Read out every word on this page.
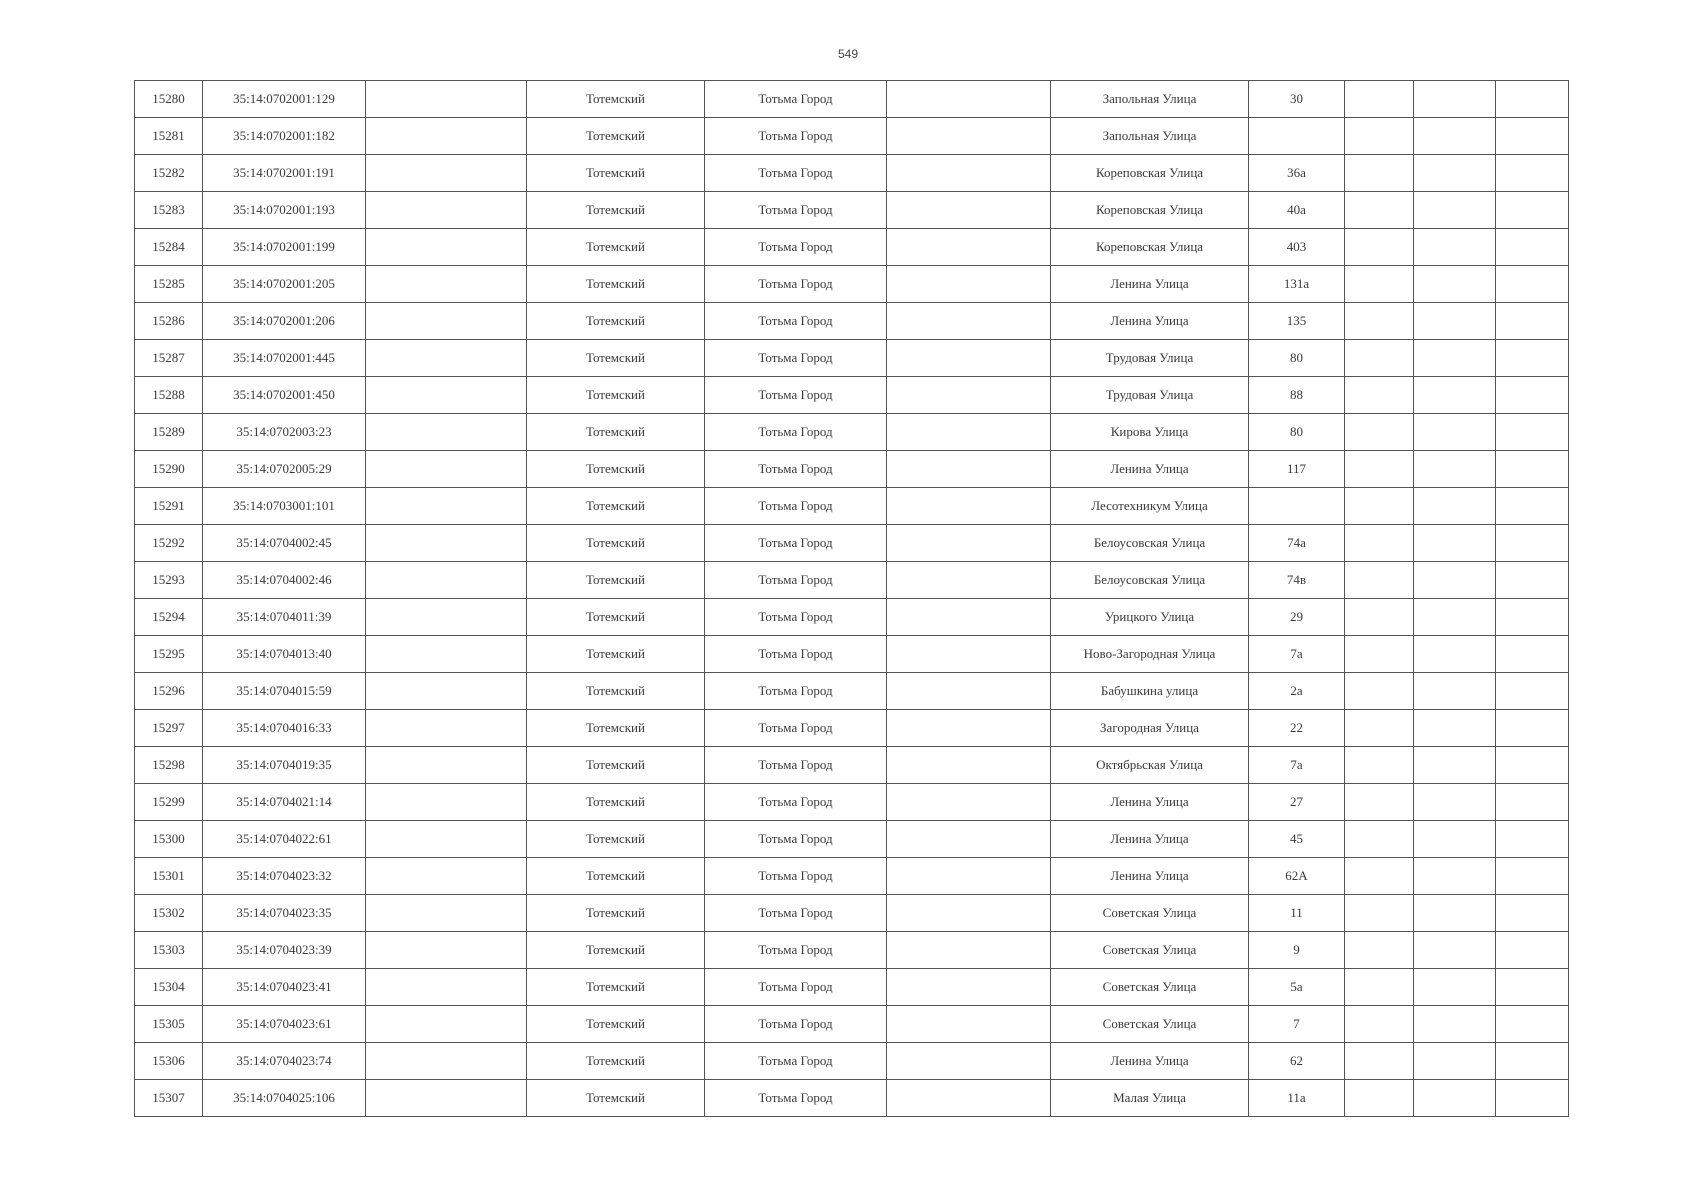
549
15280	35:14:0702001:129		Тотемский	Тотьма Город		Запольная Улица	30			
15281	35:14:0702001:182		Тотемский	Тотьма Город		Запольная Улица				
15282	35:14:0702001:191		Тотемский	Тотьма Город		Кореповская Улица	36а			
15283	35:14:0702001:193		Тотемский	Тотьма Город		Кореповская Улица	40а			
15284	35:14:0702001:199		Тотемский	Тотьма Город		Кореповская Улица	403			
15285	35:14:0702001:205		Тотемский	Тотьма Город		Ленина Улица	131а			
15286	35:14:0702001:206		Тотемский	Тотьма Город		Ленина Улица	135			
15287	35:14:0702001:445		Тотемский	Тотьма Город		Трудовая Улица	80			
15288	35:14:0702001:450		Тотемский	Тотьма Город		Трудовая Улица	88			
15289	35:14:0702003:23		Тотемский	Тотьма Город		Кирова Улица	80			
15290	35:14:0702005:29		Тотемский	Тотьма Город		Ленина Улица	117			
15291	35:14:0703001:101		Тотемский	Тотьма Город		Лесотехникум Улица				
15292	35:14:0704002:45		Тотемский	Тотьма Город		Белоусовская Улица	74а			
15293	35:14:0704002:46		Тотемский	Тотьма Город		Белоусовская Улица	74в			
15294	35:14:0704011:39		Тотемский	Тотьма Город		Урицкого Улица	29			
15295	35:14:0704013:40		Тотемский	Тотьма Город		Ново-Загородная Улица	7а			
15296	35:14:0704015:59		Тотемский	Тотьма Город		Бабушкина улица	2а			
15297	35:14:0704016:33		Тотемский	Тотьма Город		Загородная Улица	22			
15298	35:14:0704019:35		Тотемский	Тотьма Город		Октябрьская Улица	7а			
15299	35:14:0704021:14		Тотемский	Тотьма Город		Ленина Улица	27			
15300	35:14:0704022:61		Тотемский	Тотьма Город		Ленина Улица	45			
15301	35:14:0704023:32		Тотемский	Тотьма Город		Ленина Улица	62А			
15302	35:14:0704023:35		Тотемский	Тотьма Город		Советская Улица	11			
15303	35:14:0704023:39		Тотемский	Тотьма Город		Советская Улица	9			
15304	35:14:0704023:41		Тотемский	Тотьма Город		Советская Улица	5а			
15305	35:14:0704023:61		Тотемский	Тотьма Город		Советская Улица	7			
15306	35:14:0704023:74		Тотемский	Тотьма Город		Ленина Улица	62			
15307	35:14:0704025:106		Тотемский	Тотьма Город		Малая Улица	11а			
